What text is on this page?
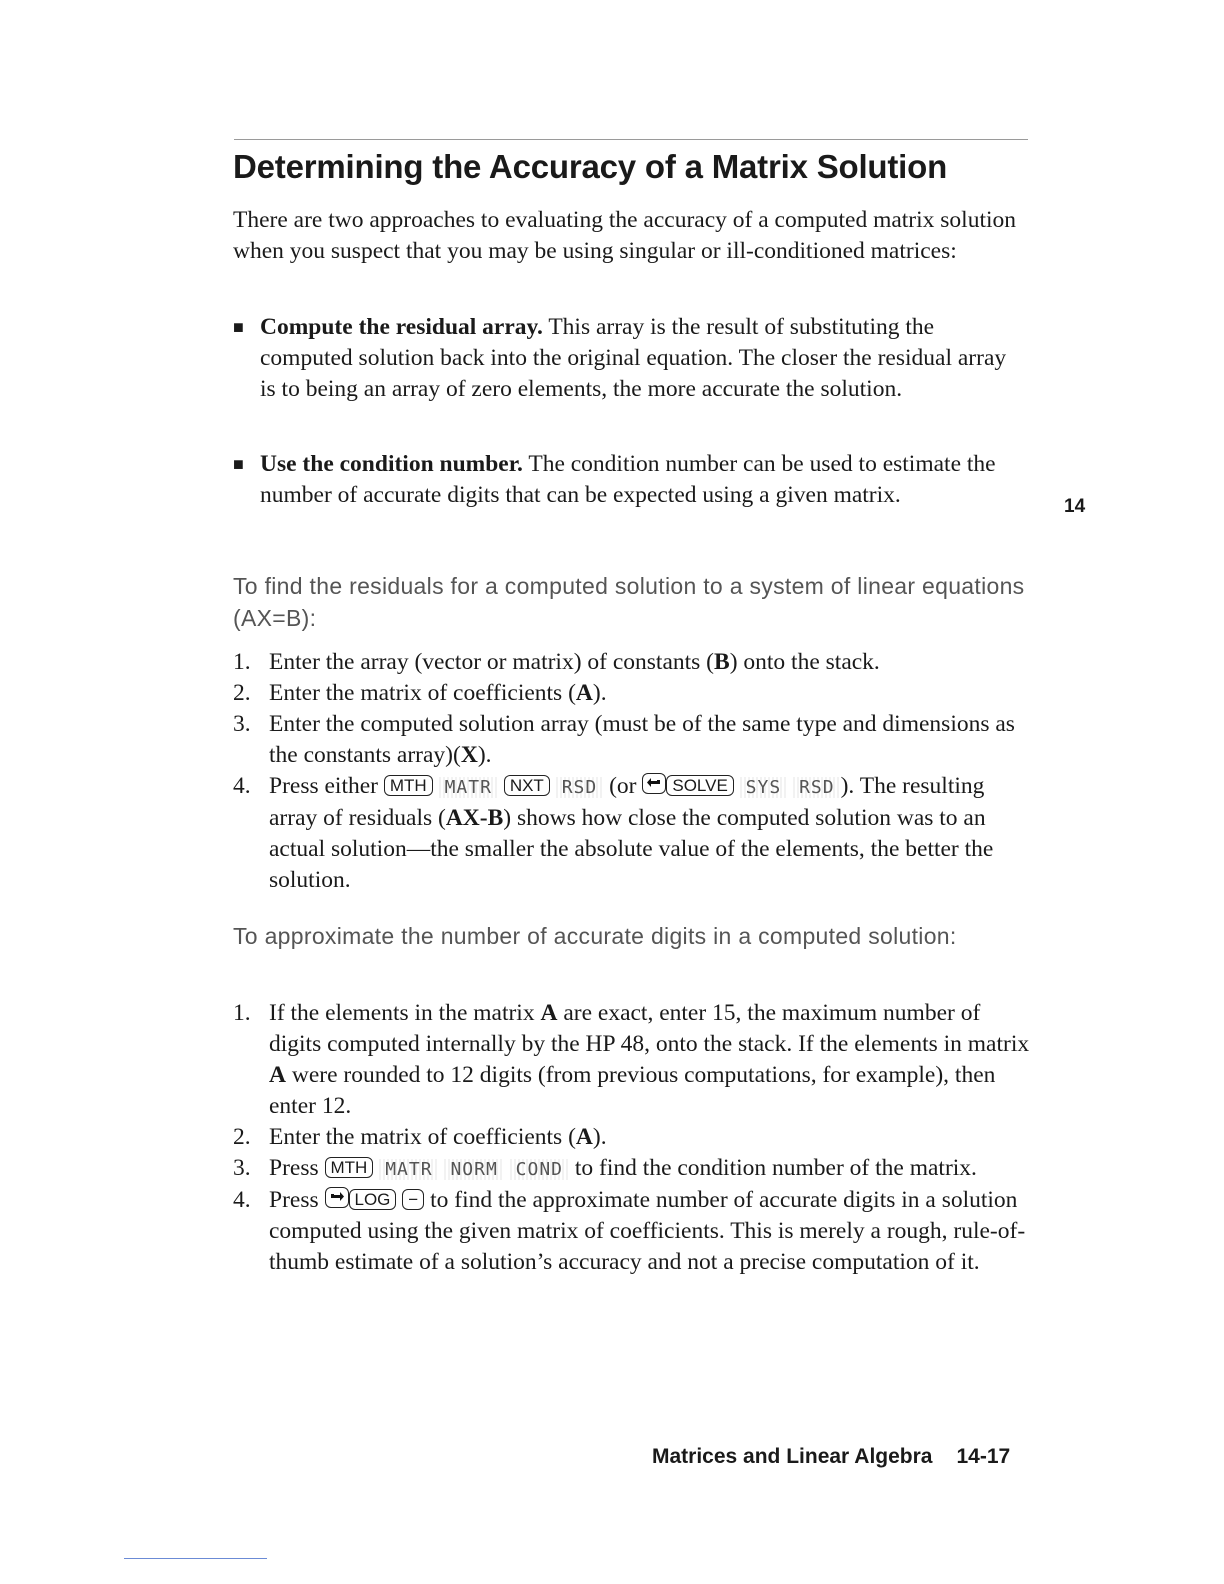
Determining the Accuracy of a Matrix Solution
There are two approaches to evaluating the accuracy of a computed matrix solution when you suspect that you may be using singular or ill-conditioned matrices:
■ Compute the residual array. This array is the result of substituting the computed solution back into the original equation. The closer the residual array is to being an array of zero elements, the more accurate the solution.
■ Use the condition number. The condition number can be used to estimate the number of accurate digits that can be expected using a given matrix.	14
To find the residuals for a computed solution to a system of linear equations (AX=B):
1. Enter the array (vector or matrix) of constants (B) onto the stack.
2. Enter the matrix of coefficients (A).
3. Enter the computed solution array (must be of the same type and dimensions as the constants array)(X).
4. Press either MTH MATR NXT RSD (or
SOLVE SYS RSD ). The resulting array of residuals (AX-B) shows how close the computed solution was to an actual solution—the smaller the absolute value of the elements, the better the solution.
To approximate the number of accurate digits in a computed solution:
1. If the elements in the matrix A are exact, enter 15, the maximum number of digits computed internally by the HP 48, onto the stack. If the elements in matrix A were rounded to 12 digits (from previous computations, for example), then enter 12.
2. Enter the matrix of coefficients (A).
3. Press MTH MATR NORM COND to find the condition number of the matrix.
4. Press
LOG − to find the approximate number of accurate digits in a solution computed using the given matrix of coefficients. This is merely a rough, rule-of-thumb estimate of a solution’s accuracy and not a precise computation of it.
Matrices and Linear Algebra 14-17
